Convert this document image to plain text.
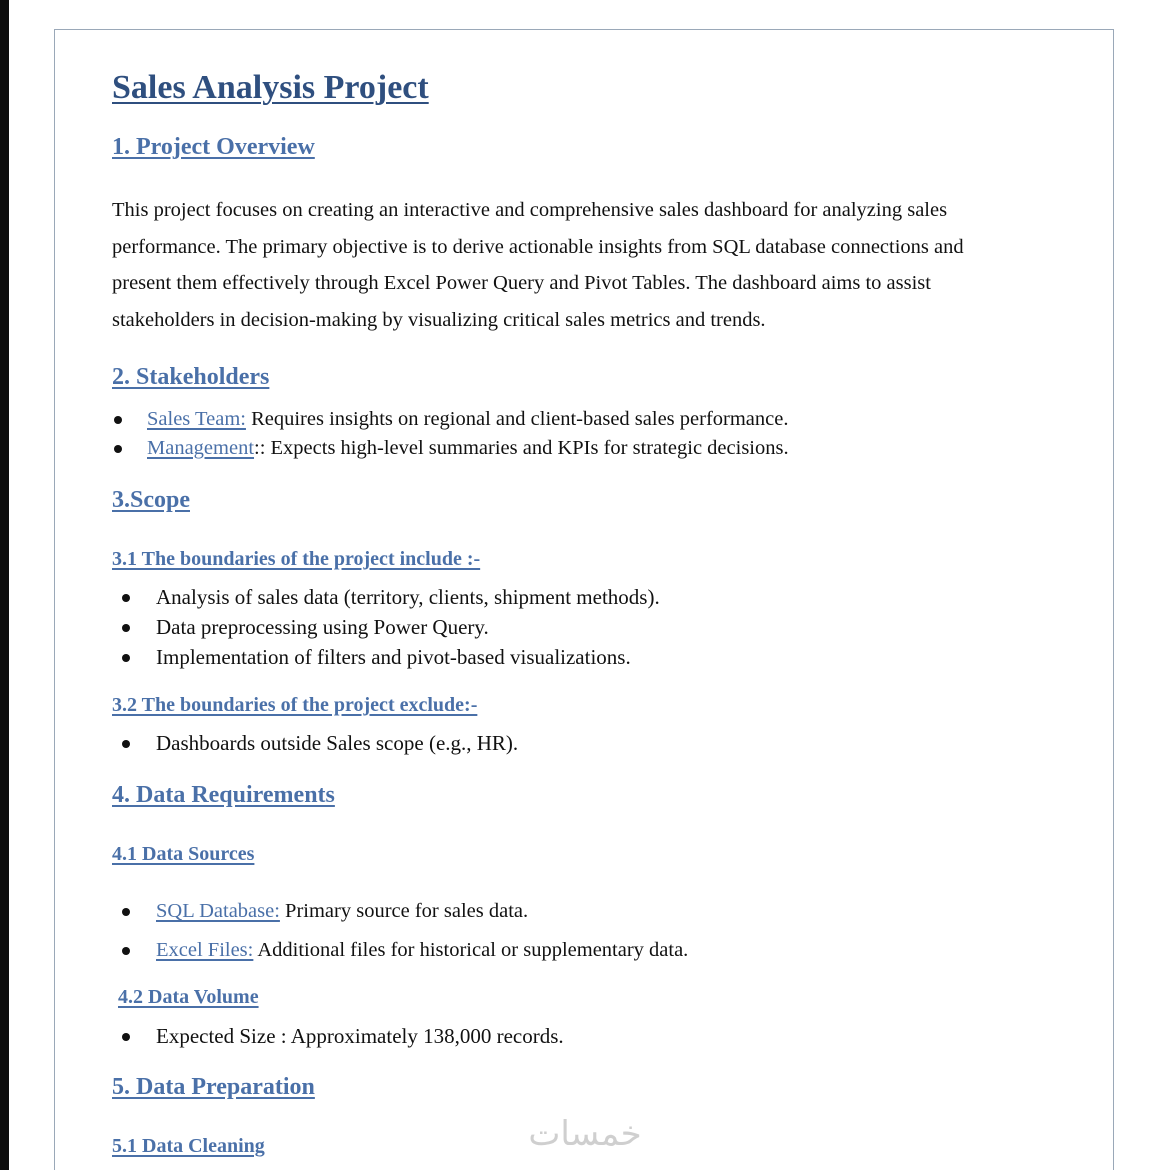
Sales Analysis Project
1. Project Overview

This project focuses on creating an interactive and comprehensive sales dashboard for analyzing sales
performance. The primary objective is to derive actionable insights from SQL database connections and
present them effectively through Excel Power Query and Pivot Tables. The dashboard aims to assist
stakeholders in decision-making by visualizing critical sales metrics and trends.

2. Stakeholders
Sales Team: Requires insights on regional and client-based sales performance.
Management:: Expects high-level summaries and KPIs for strategic decisions.
3.Scope
3.1 The boundaries of the project include :-
Analysis of sales data (territory, clients, shipment methods).
Data preprocessing using Power Query.
Implementation of filters and pivot-based visualizations.
3.2 The boundaries of the project exclude:-
Dashboards outside Sales scope (e.g., HR).
4. Data Requirements
4.1 Data Sources
SQL Database: Primary source for sales data.
Excel Files: Additional files for historical or supplementary data.
4.2 Data Volume
Expected Size : Approximately 138,000 records.
5. Data Preparation
5.1 Data Cleaning	خمسات
